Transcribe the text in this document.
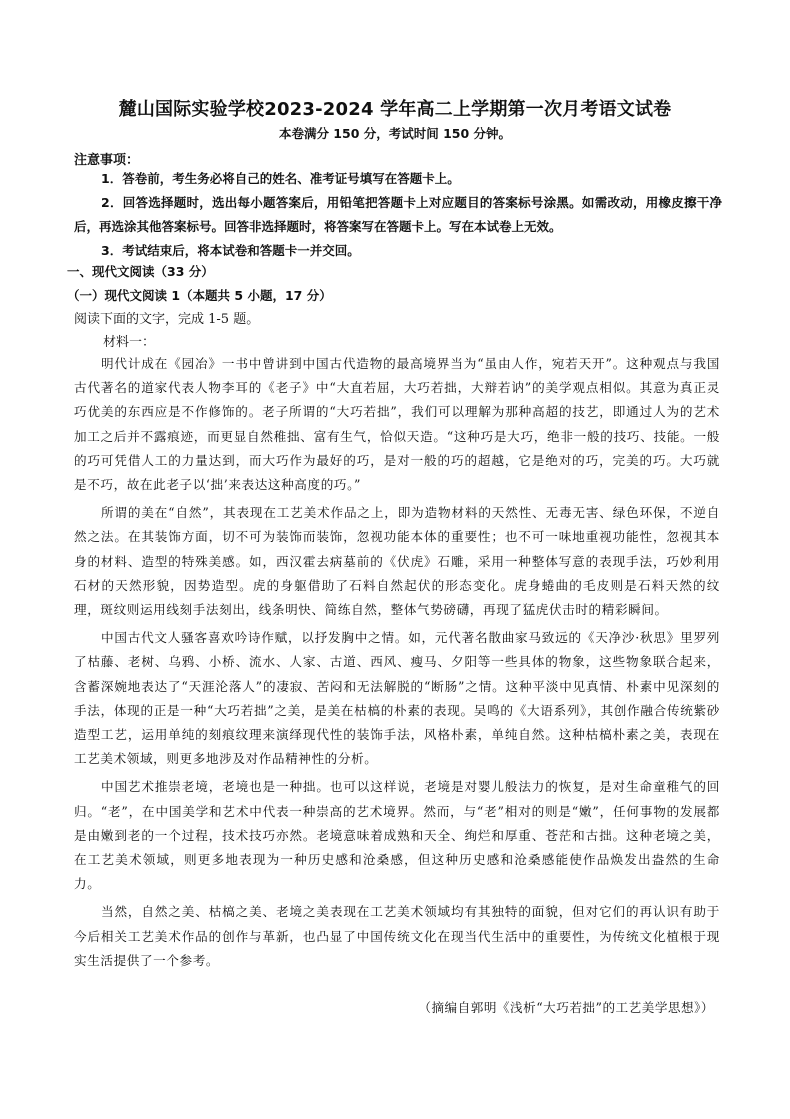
麓山国际实验学校2023-2024 学年高二上学期第一次月考语文试卷
本卷满分 150 分，考试时间 150 分钟。
注意事项：

1．答卷前，考生务必将自己的姓名、准考证号填写在答题卡上。

2．回答选择题时，选出每小题答案后，用铅笔把答题卡上对应题目的答案标号涂黑。如需改动，用橡皮擦干净后，再选涂其他答案标号。回答非选择题时，将答案写在答题卡上。写在本试卷上无效。

3．考试结束后，将本试卷和答题卡一并交回。

一、现代文阅读（33 分）
（一）现代文阅读 1（本题共 5 小题，17 分）
阅读下面的文字，完成 1-5 题。
材料一：

明代计成在《园冶》一书中曾讲到中国古代造物的最高境界当为“虽由人作，宛若天开”。这种观点与我国古代著名的道家代表人物李耳的《老子》中“大直若屈，大巧若拙，大辩若讷”的美学观点相似。其意为真正灵巧优美的东西应是不作修饰的。老子所谓的“大巧若拙”，我们可以理解为那种高超的技艺，即通过人为的艺术加工之后并不露痕迹，而更显自然稚拙、富有生气，恰似天造。“这种巧是大巧，绝非一般的技巧、技能。一般的巧可凭借人工的力量达到，而大巧作为最好的巧，是对一般的巧的超越，它是绝对的巧，完美的巧。大巧就是不巧，故在此老子以‘拙’来表达这种高度的巧。”

所谓的美在“自然”，其表现在工艺美术作品之上，即为造物材料的天然性、无毒无害、绿色环保，不逆自然之法。在其装饰方面，切不可为装饰而装饰，忽视功能本体的重要性；也不可一味地重视功能性，忽视其本身的材料、造型的特殊美感。如，西汉霍去病墓前的《伏虎》石雕，采用一种整体写意的表现手法，巧妙利用石材的天然形貌，因势造型。虎的身躯借助了石料自然起伏的形态变化。虎身蜷曲的毛皮则是石料天然的纹理，斑纹则运用线刻手法刻出，线条明快、简练自然，整体气势磅礴，再现了猛虎伏击时的精彩瞬间。

中国古代文人骚客喜欢吟诗作赋，以抒发胸中之情。如，元代著名散曲家马致远的《天净沙·秋思》里罗列了枯藤、老树、乌鸦、小桥、流水、人家、古道、西风、瘦马、夕阳等一些具体的物象，这些物象联合起来，含蓄深婉地表达了“天涯沦落人”的凄寂、苦闷和无法解脱的“断肠”之情。这种平淡中见真情、朴素中见深刻的手法，体现的正是一种“大巧若拙”之美，是美在枯槁的朴素的表现。吴鸣的《大语系列》，其创作融合传统紫砂造型工艺，运用单纯的刻痕纹理来演绎现代性的装饰手法，风格朴素，单纯自然。这种枯槁朴素之美，表现在工艺美术领域，则更多地涉及对作品精神性的分析。

中国艺术推崇老境，老境也是一种拙。也可以这样说，老境是对婴儿般法力的恢复，是对生命童稚气的回归。“老”，在中国美学和艺术中代表一种崇高的艺术境界。然而，与“老”相对的则是“嫩”，任何事物的发展都是由嫩到老的一个过程，技术技巧亦然。老境意味着成熟和天全、绚烂和厚重、苍茫和古拙。这种老境之美，在工艺美术领域，则更多地表现为一种历史感和沧桑感，但这种历史感和沧桑感能使作品焕发出盎然的生命力。

当然，自然之美、枯槁之美、老境之美表现在工艺美术领域均有其独特的面貌，但对它们的再认识有助于今后相关工艺美术作品的创作与革新，也凸显了中国传统文化在现当代生活中的重要性，为传统文化植根于现实生活提供了一个参考。

（摘编自郭明《浅析“大巧若拙”的工艺美学思想》）
